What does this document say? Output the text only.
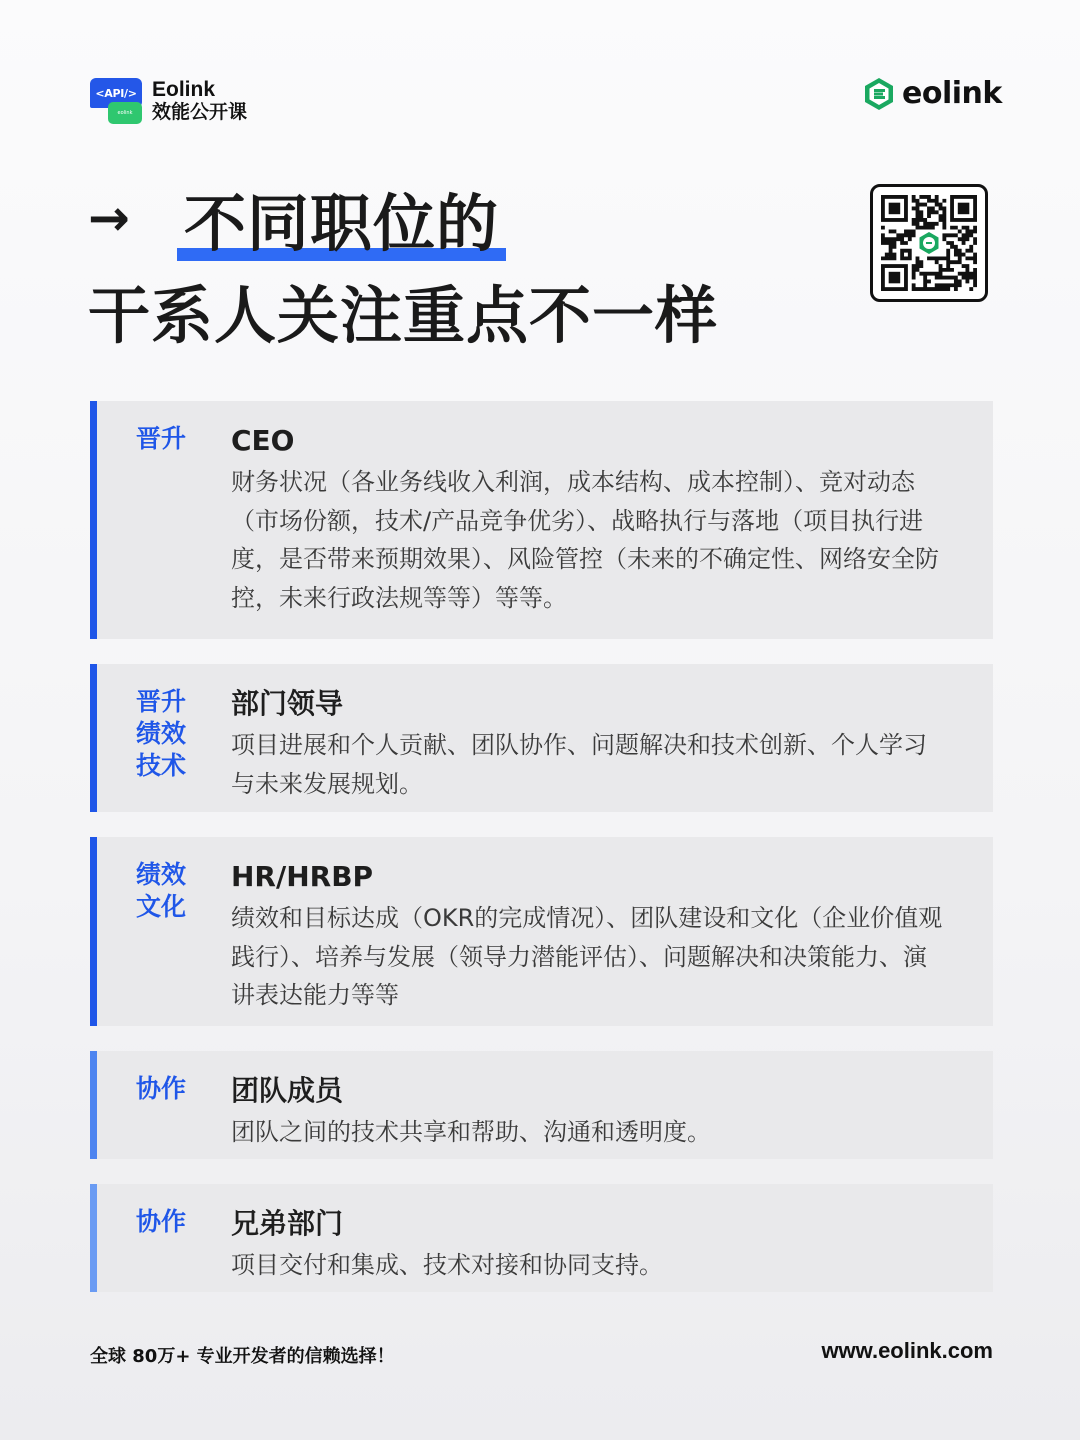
<API/>
eolink
Eolink
效能公开课
eolink
→ 不同职位的
干系人关注重点不一样
晋升	CEO
财务状况（各业务线收入利润，成本结构、成本控制）、竞对动态（市场份额，技术/产品竞争优劣）、战略执行与落地（项目执行进度，是否带来预期效果）、风险管控（未来的不确定性、网络安全防控，未来行政法规等等）等等。
晋升
绩效
技术
部门领导
项目进展和个人贡献、团队协作、问题解决和技术创新、个人学习与未来发展规划。
绩效
文化
HR/HRBP
绩效和目标达成（OKR的完成情况）、团队建设和文化（企业价值观践行）、培养与发展（领导力潜能评估）、问题解决和决策能力、演讲表达能力等等
协作	团队成员
团队之间的技术共享和帮助、沟通和透明度。
协作	兄弟部门
项目交付和集成、技术对接和协同支持。
全球 80万+ 专业开发者的信赖选择！	www.eolink.com
